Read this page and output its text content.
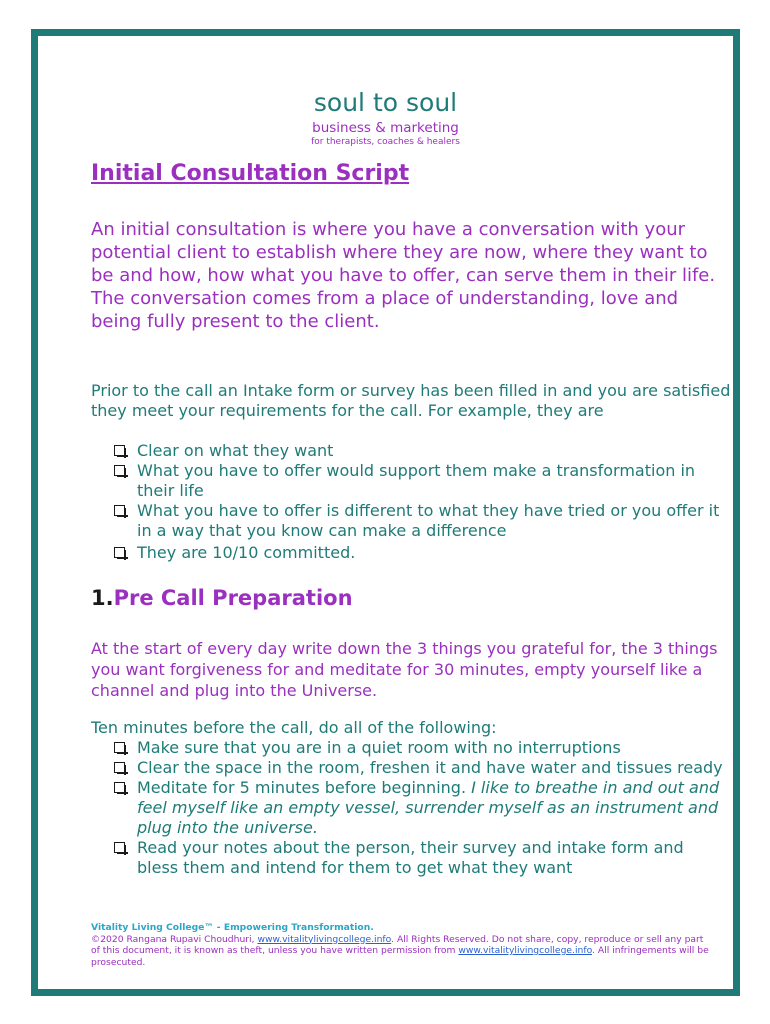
soul to soul
business & marketing
for therapists, coaches & healers
Initial Consultation Script

An initial consultation is where you have a conversation with your potential client to establish where they are now, where they want to be and how, how what you have to offer, can serve them in their life. The conversation comes from a place of understanding, love and being fully present to the client.

Prior to the call an Intake form or survey has been filled in and you are satisfied they meet your requirements for the call. For example, they are

Clear on what they want
What you have to offer would support them make a transformation in their life
What you have to offer is different to what they have tried or you offer it in a way that you know can make a difference
They are 10/10 committed.
1.Pre Call Preparation

At the start of every day write down the 3 things you grateful for, the 3 things you want forgiveness for and meditate for 30 minutes, empty yourself like a channel and plug into the Universe.

Ten minutes before the call, do all of the following:

Make sure that you are in a quiet room with no interruptions
Clear the space in the room, freshen it and have water and tissues ready
Meditate for 5 minutes before beginning. I like to breathe in and out and feel myself like an empty vessel, surrender myself as an instrument and plug into the universe.
Read your notes about the person, their survey and intake form and bless them and intend for them to get what they want
Vitality Living College™ - Empowering Transformation.
©2020 Rangana Rupavi Choudhuri, www.vitalitylivingcollege.info. All Rights Reserved. Do not share, copy, reproduce or sell any part of this document, it is known as theft, unless you have written permission from www.vitalitylivingcollege.info. All infringements will be prosecuted.
